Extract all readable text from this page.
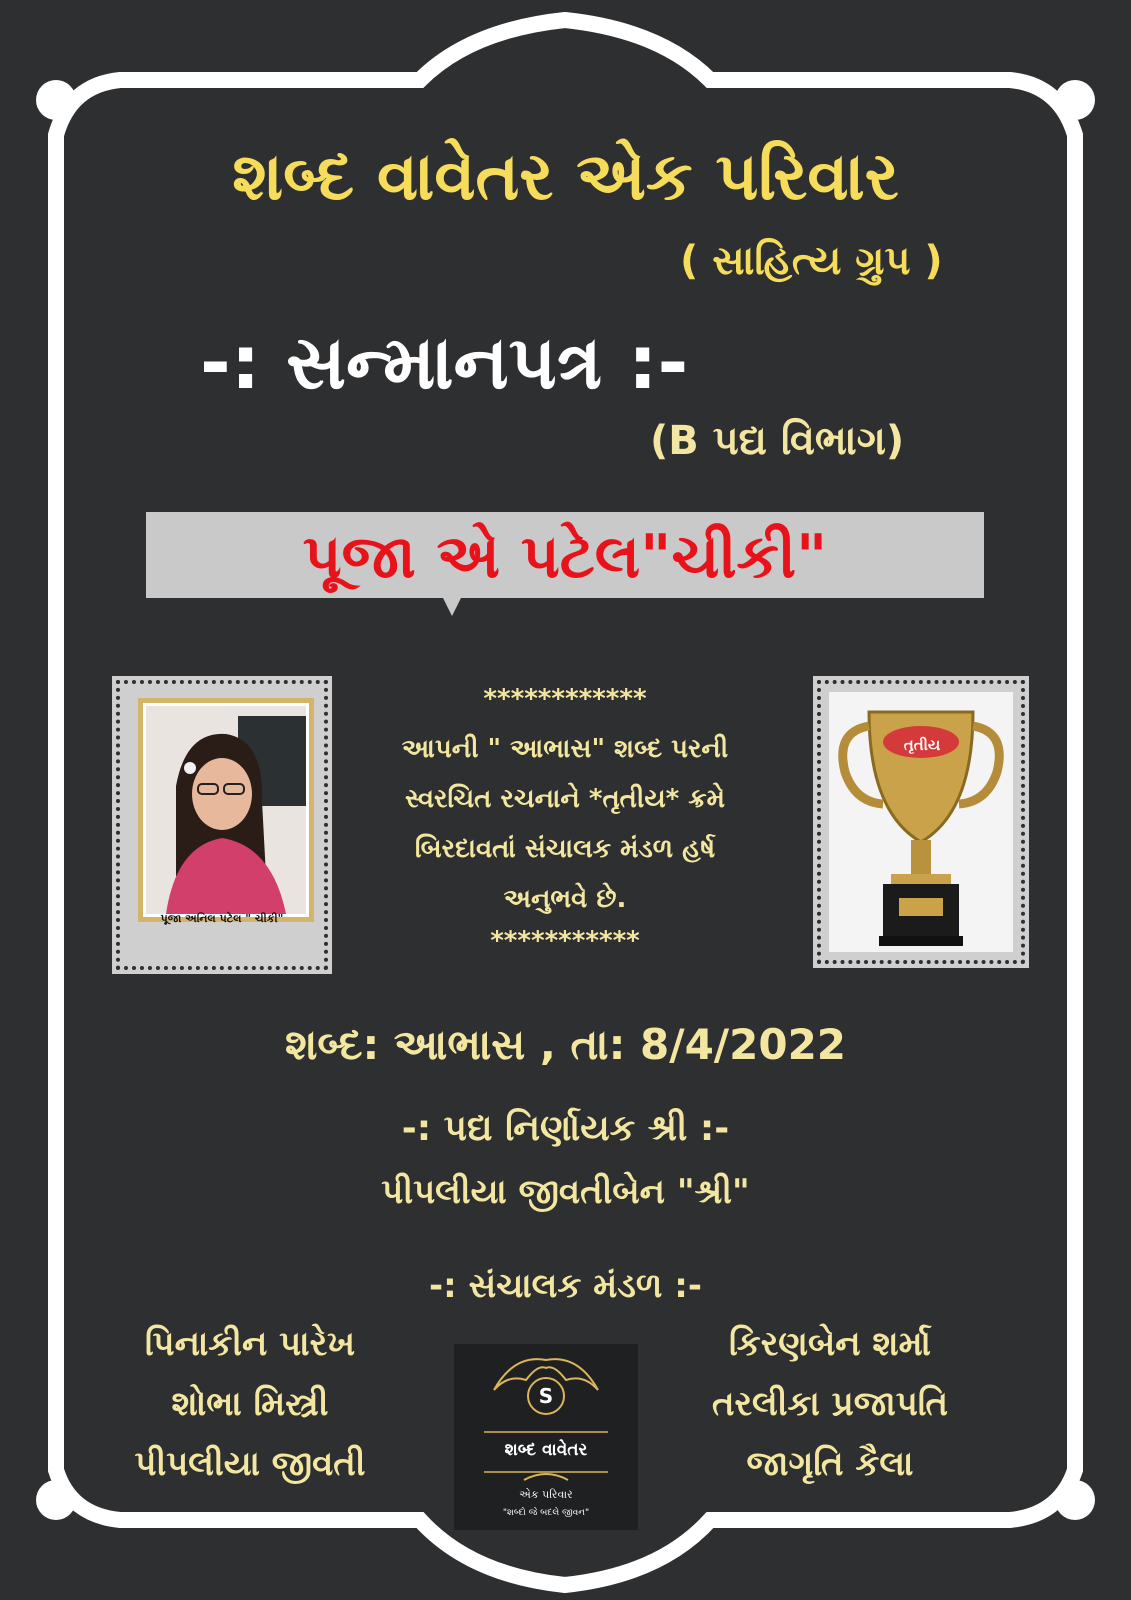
શબ્દ વાવેતર એક પરિવાર
( સાહિત્ય ગ્રુપ )
-: સન્માનપત્ર :-
(B પદ્ય વિભાગ)
પૂજા એ પટેલ"ચીકી"
પૂજા અનિલ પટેલ " ચીકી"
************
આપની " આભાસ" શબ્દ પરની
સ્વરચિત રચનાને *તૃતીય* ક્રમે
બિરદાવતાં સંચાલક મંડળ હર્ષ
અનુભવે છે.
***********
તૃતીય
શબ્દ: આભાસ , તા: 8/4/2022
-: પદ્ય નિર્ણાયક શ્રી :-
પીપલીયા જીવતીબેન "શ્રી"
-: સંચાલક મંડળ :-
પિનાકીન પારેખ
શોભા મિસ્ત્રી
પીપલીયા જીવતી
કિરણબેન શર્મા
તરલીકા પ્રજાપતિ
જાગૃતિ કૈલા
S
શબ્દ વાવેતર
એક પરિવાર
"શબ્દો જે બદલે જીવન"
